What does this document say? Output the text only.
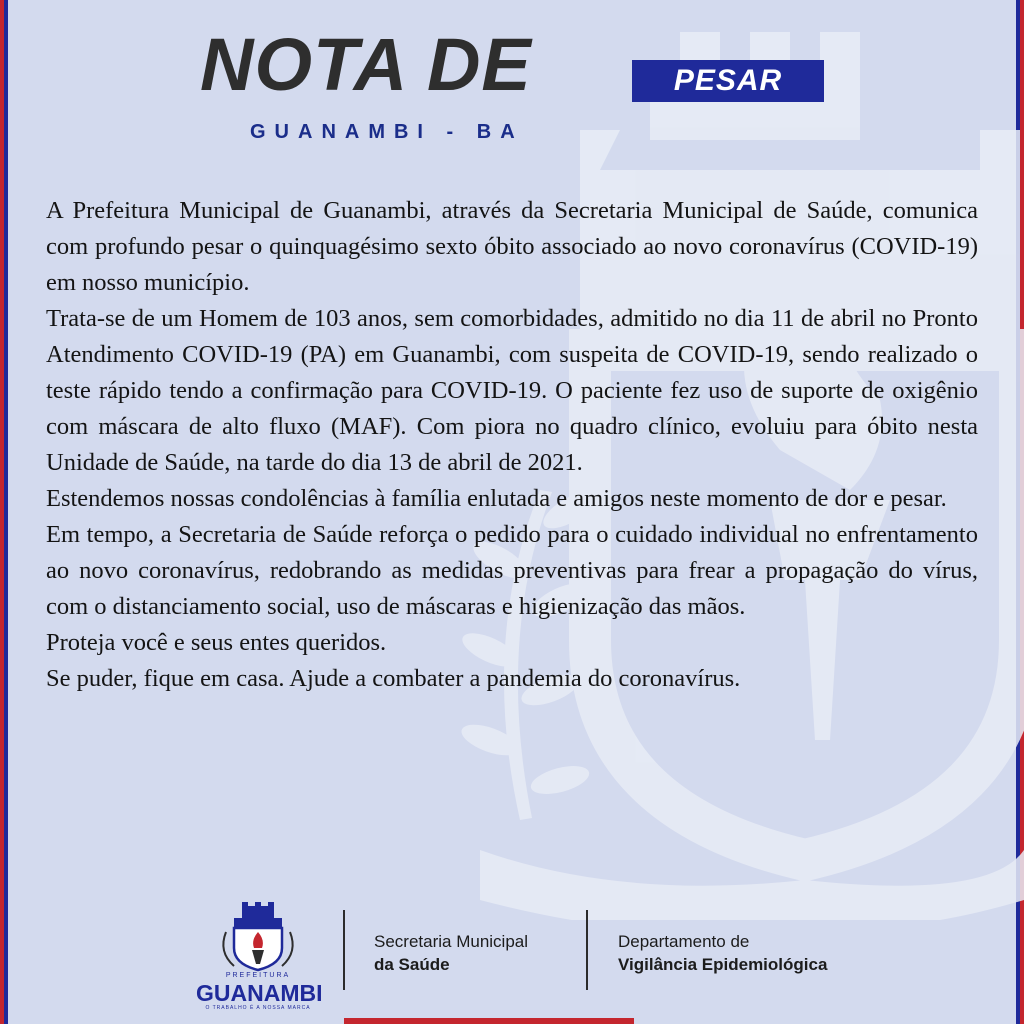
NOTA DE	PESAR
GUANAMBI - BA

A Prefeitura Municipal de Guanambi, através da Secretaria Municipal de Saúde, comunica com profundo pesar o quinquagésimo sexto óbito associado ao novo coronavírus (COVID-19) em nosso município.

Trata-se de um Homem de 103 anos, sem comorbidades, admitido no dia 11 de abril no Pronto Atendimento COVID-19 (PA) em Guanambi, com suspeita de COVID-19, sendo realizado o teste rápido tendo a confirmação para COVID-19. O paciente fez uso de suporte de oxigênio com máscara de alto fluxo (MAF). Com piora no quadro clínico, evoluiu para óbito nesta Unidade de Saúde, na tarde do dia 13 de abril de 2021.

Estendemos nossas condolências à família enlutada e amigos neste momento de dor e pesar.

Em tempo, a Secretaria de Saúde reforça o pedido para o cuidado individual no enfrentamento ao novo coronavírus, redobrando as medidas preventivas para frear a propagação do vírus, com o distanciamento social, uso de máscaras e higienização das mãos.

Proteja você e seus entes queridos.

Se puder, fique em casa. Ajude a combater a pandemia do coronavírus.

PREFEITURA
GUANAMBI
O TRABALHO É A NOSSA MARCA
Secretaria Municipal
da Saúde
Departamento de
Vigilância Epidemiológica
